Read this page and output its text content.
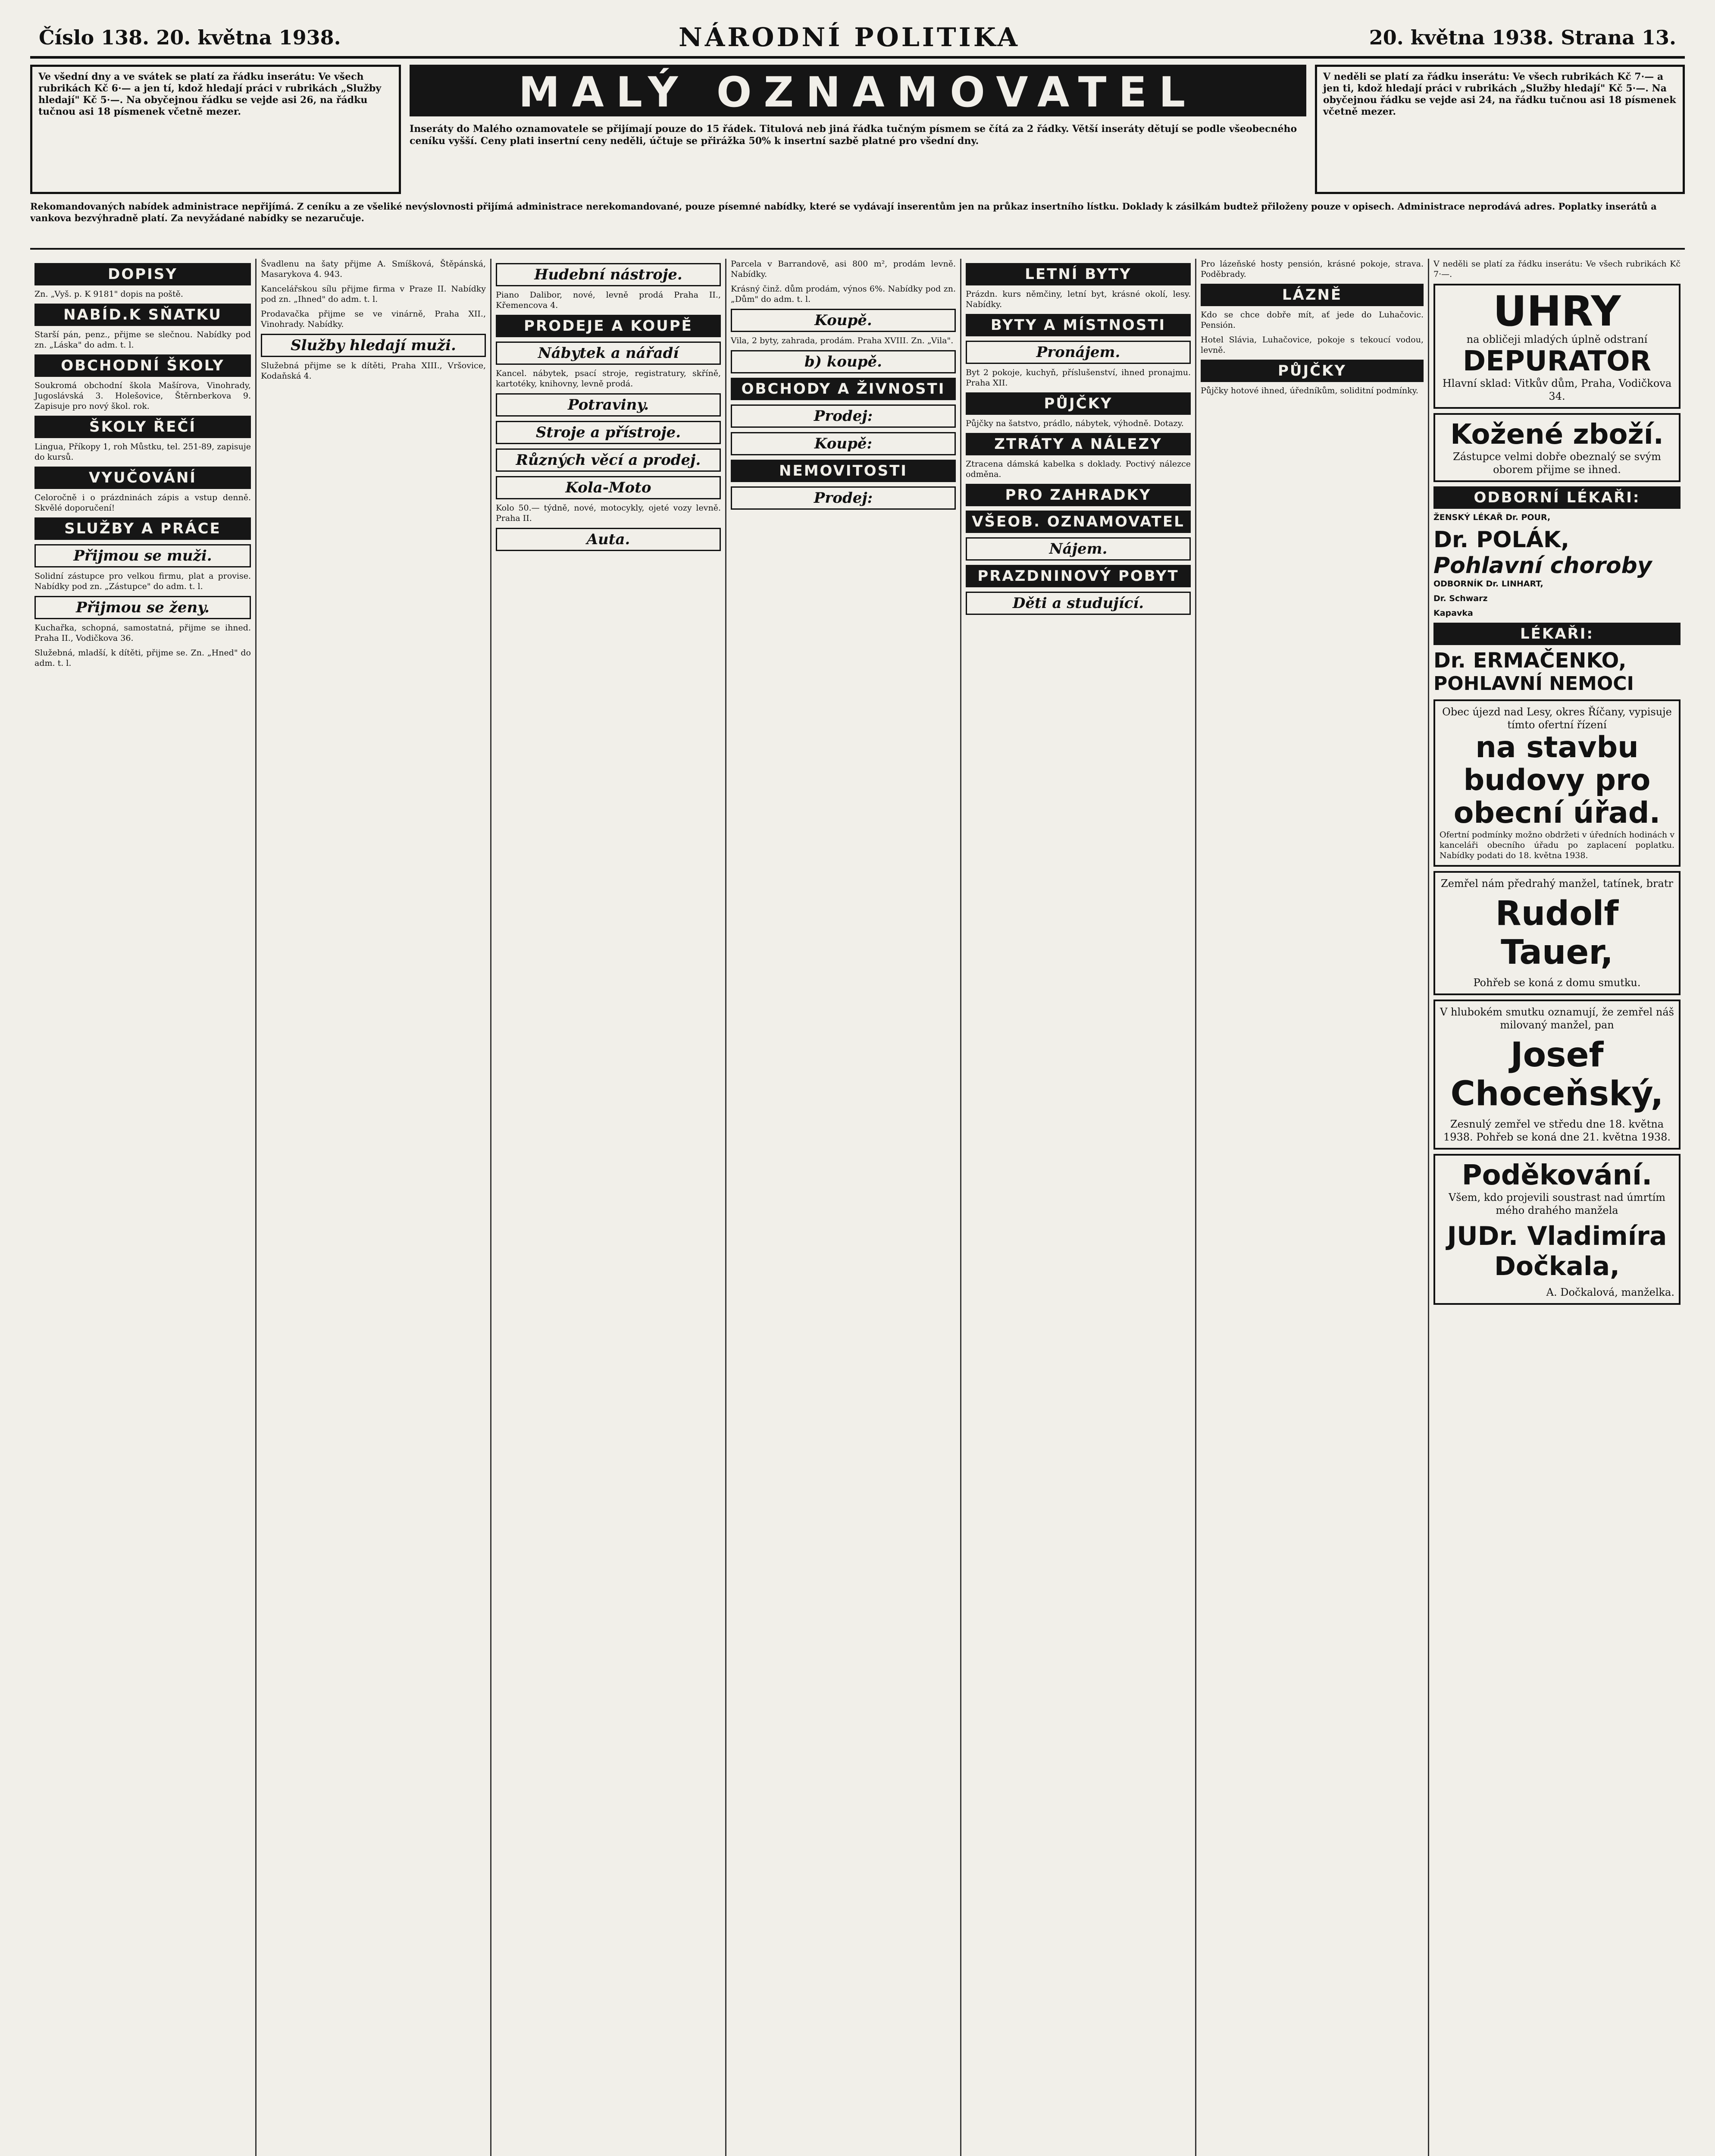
Číslo 138. 20. května 1938.	NÁRODNÍ POLITIKA	20. května 1938. Strana 13.
Ve všední dny a ve svátek se platí za řádku inserátu: Ve všech rubrikách Kč 6·— a jen tí, kdož hledají práci v rubrikách „Služby hledají" Kč 5·—. Na obyčejnou řádku se vejde asi 26, na řádku tučnou asi 18 písmenek včetně mezer.	MALÝ OZNAMOVATEL
Inseráty do Malého oznamovatele se přijímají pouze do 15 řádek. Titulová neb jiná řádka tučným písmem se čítá za 2 řádky. Větší inseráty dětují se podle všeobecného ceníku vyšší. Ceny plati insertní ceny neděli, účtuje se přirážka 50% k insertní sazbě platné pro všední dny.
V neděli se platí za řádku inserátu: Ve všech rubrikách Kč 7·— a jen ti, kdož hledají práci v rubrikách „Služby hledají" Kč 5·—. Na obyčejnou řádku se vejde asi 24, na řádku tučnou asi 18 písmenek včetně mezer.
Rekomandovaných nabídek administrace nepřijímá. Z ceníku a ze všeliké nevýslovnosti přijímá administrace nerekomandované, pouze písemné nabídky, které se vydávají inserentům jen na průkaz insertního lístku. Doklady k zásilkám budtež přiloženy pouze v opisech. Administrace neprodává adres. Poplatky inserátů a vankova bezvýhradně platí. Za nevyžádané nabídky se nezaručuje.
DOPISY

Zn. „Vyš. p. K 9181" dopis na poště.

NABÍD.K SŇATKU

Starší pán, penz., přijme se slečnou. Nabídky pod zn. „Láska" do adm. t. l.

OBCHODNÍ ŠKOLY

Soukromá obchodní škola Mašírova, Vinohrady, Jugoslávská 3. Holešovice, Štěrnberkova 9. Zapisuje pro nový škol. rok.

ŠKOLY ŘEČÍ

Lingua, Příkopy 1, roh Můstku, tel. 251-89, zapisuje do kursů.

VYUČOVÁNÍ

Celoročně i o prázdninách zápis a vstup denně. Skvělé doporučení!

SLUŽBY A PRÁCE
Přijmou se muži.

Solidní zástupce pro velkou firmu, plat a provise. Nabídky pod zn. „Zástupce" do adm. t. l.

Přijmou se ženy.

Kuchařka, schopná, samostatná, přijme se ihned. Praha II., Vodičkova 36.

Služebná, mladší, k dítěti, přijme se. Zn. „Hned" do adm. t. l.

Švadlenu na šaty přijme A. Smíšková, Štěpánská, Masarykova 4. 943.

Kancelářskou sílu přijme firma v Praze II. Nabídky pod zn. „Ihned" do adm. t. l.

Prodavačka přijme se ve vinárně, Praha XII., Vinohrady. Nabídky.

Služby hledají muži.

Služebná přijme se k dítěti, Praha XIII., Vršovice, Kodaňská 4.

Hudební nástroje.

Piano Dalibor, nové, levně prodá Praha II., Křemencova 4.

PRODEJE A KOUPĚ
Nábytek a nářadí

Kancel. nábytek, psací stroje, registratury, skříně, kartotéky, knihovny, levně prodá.

Potraviny.
Stroje a přístroje.
Různých věcí a prodej.
Kola-Moto

Kolo 50.— týdně, nové, motocykly, ojeté vozy levně. Praha II.

Auta.

Parcela v Barrandově, asi 800 m², prodám levně. Nabídky.

Krásný činž. dům prodám, výnos 6%. Nabídky pod zn. „Dům" do adm. t. l.

Koupě.

Vila, 2 byty, zahrada, prodám. Praha XVIII. Zn. „Vila".

b) koupě.
OBCHODY A ŽIVNOSTI
Prodej:
Koupě:
NEMOVITOSTI
Prodej:
LETNÍ BYTY

Prázdn. kurs němčiny, letní byt, krásné okolí, lesy. Nabídky.

BYTY A MÍSTNOSTI
Pronájem.

Byt 2 pokoje, kuchyň, příslušenství, ihned pronajmu. Praha XII.

PŮJČKY

Půjčky na šatstvo, prádlo, nábytek, výhodně. Dotazy.

ZTRÁTY A NÁLEZY

Ztracena dámská kabelka s doklady. Poctivý nálezce odměna.

PRO ZAHRADKY
VŠEOB. OZNAMOVATEL
Nájem.
PRAZDNINOVÝ POBYT
Děti a studující.

Pro lázeňské hosty pensión, krásné pokoje, strava. Poděbrady.

LÁZNĚ

Kdo se chce dobře mít, ať jede do Luhačovic. Pensión.

Hotel Slávia, Luhačovice, pokoje s tekoucí vodou, levně.

PŮJČKY

Půjčky hotové ihned, úředníkům, soliditní podmínky.

V neděli se platí za řádku inserátu: Ve všech rubrikách Kč 7·—.

UHRY
na obličeji mladých úplně odstraní
DEPURATOR
Hlavní sklad: Vitkův dům, Praha, Vodičkova 34.
Kožené zboží.
Zástupce velmi dobře obeznalý se svým oborem přijme se ihned.
ODBORNÍ LÉKAŘI:

ŽENSKÝ LÉKAŘ Dr. POUR,

Dr. POLÁK,
Pohlavní choroby

ODBORNÍK Dr. LINHART,

Dr. Schwarz

Kapavka

LÉKAŘI:
Dr. ERMAČENKO,
POHLAVNÍ NEMOCI
Obec újezd nad Lesy, okres Říčany, vypisuje tímto ofertní řízení
na stavbu budovy pro obecní úřad.
Ofertní podmínky možno obdržeti v úředních hodinách v kanceláři obecního úřadu po zaplacení poplatku. Nabídky podati do 18. května 1938.
Zemřel nám předrahý manžel, tatínek, bratr
Rudolf Tauer,
Pohřeb se koná z domu smutku.
V hlubokém smutku oznamují, že zemřel náš milovaný manžel, pan
Josef Choceňský,
Zesnulý zemřel ve středu dne 18. května 1938. Pohřeb se koná dne 21. května 1938.
Poděkování.
Všem, kdo projevili soustrast nad úmrtím mého drahého manžela
JUDr. Vladimíra Dočkala,
A. Dočkalová, manželka.
